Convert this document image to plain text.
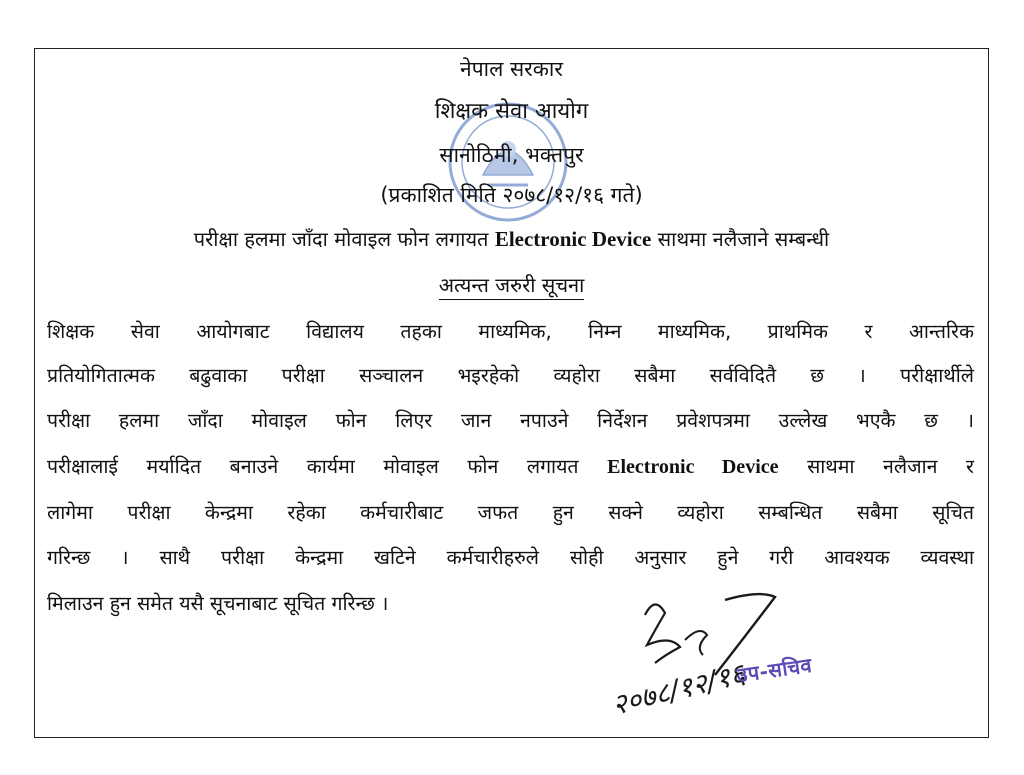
नेपाल सरकार
शिक्षक सेवा आयोग
सानोठिमी, भक्तपुर
(प्रकाशित मिति २०७८/१२/१६ गते)
परीक्षा हलमा जाँदा मोवाइल फोन लगायत Electronic Device साथमा नलैजाने सम्बन्धी
अत्यन्त जरुरी सूचना
शिक्षक सेवा आयोगबाट विद्यालय तहका माध्यमिक, निम्न माध्यमिक, प्राथमिक र आन्तरिक
प्रतियोगितात्मक बढुवाका परीक्षा सञ्चालन भइरहेको व्यहोरा सबैमा सर्वविदितै छ । परीक्षार्थीले
परीक्षा हलमा जाँदा मोवाइल फोन लिएर जान नपाउने निर्देशन प्रवेशपत्रमा उल्लेख भएकै छ ।
परीक्षालाई मर्यादित बनाउने कार्यमा मोवाइल फोन लगायत Electronic Device साथमा नलैजान र
लागेमा परीक्षा केन्द्रमा रहेका कर्मचारीबाट जफत हुन सक्ने व्यहोरा सम्बन्धित सबैमा सूचित
गरिन्छ । साथै परीक्षा केन्द्रमा खटिने कर्मचारीहरुले सोही अनुसार हुने गरी आवश्यक व्यवस्था
मिलाउन हुन समेत यसै सूचनाबाट सूचित गरिन्छ ।
२०७८/१२/१६
उप-सचिव
